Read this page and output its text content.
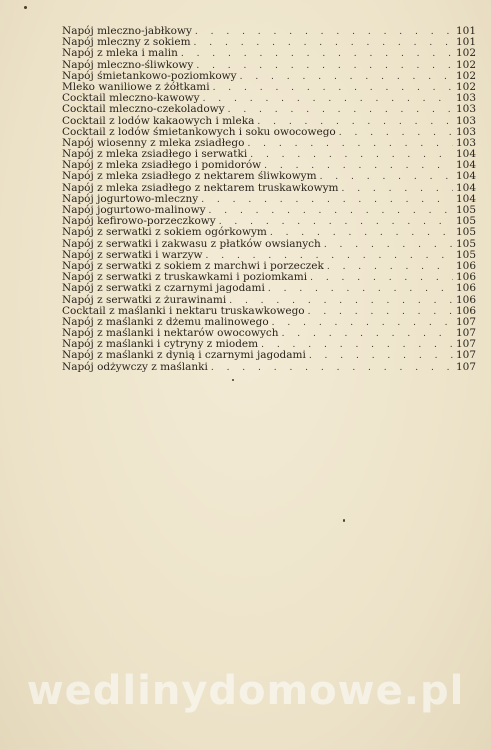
Napój mleczno-jabłkowy . . .	101
Napój mleczny z sokiem . . .	101
Napój z mleka i malin . . .	102
Napój mleczno-śliwkowy . . .	102
Napój śmietankowo-poziomkowy . . .	102
Mleko waniliowe z żółtkami . . .	102
Cocktail mleczno-kawowy . . .	103
Cocktail mleczno-czekoladowy . . .	103
Cocktail z lodów kakaowych i mleka . . .	103
Cocktail z lodów śmietankowych i soku owocowego . . .	103
Napój wiosenny z mleka zsiadłego . . .	103
Napój z mleka zsiadłego i serwatki . . .	104
Napój z mleka zsiadłego i pomidorów . . .	104
Napój z mleka zsiadłego z nektarem śliwkowym . . .	104
Napój z mleka zsiadłego z nektarem truskawkowym . . .	104
Napój jogurtowo-mleczny . . .	104
Napój jogurtowo-malinowy . . .	105
Napój kefirowo-porzeczkowy . . .	105
Napój z serwatki z sokiem ogórkowym . . .	105
Napój z serwatki i zakwasu z płatków owsianych . . .	105
Napój z serwatki i warzyw . . .	105
Napój z serwatki z sokiem z marchwi i porzeczek . . .	106
Napój z serwatki z truskawkami i poziomkami . . .	106
Napój z serwatki z czarnymi jagodami . . .	106
Napój z serwatki z żurawinami . . .	106
Cocktail z maślanki i nektaru truskawkowego . . .	106
Napój z maślanki z dżemu malinowego . . .	107
Napój z maślanki i nektarów owocowych . . .	107
Napój z maślanki i cytryny z miodem . . .	107
Napój z maślanki z dynią i czarnymi jagodami . . .	107
Napój odżywczy z maślanki . . .	107
wedlinydomowe.pl
